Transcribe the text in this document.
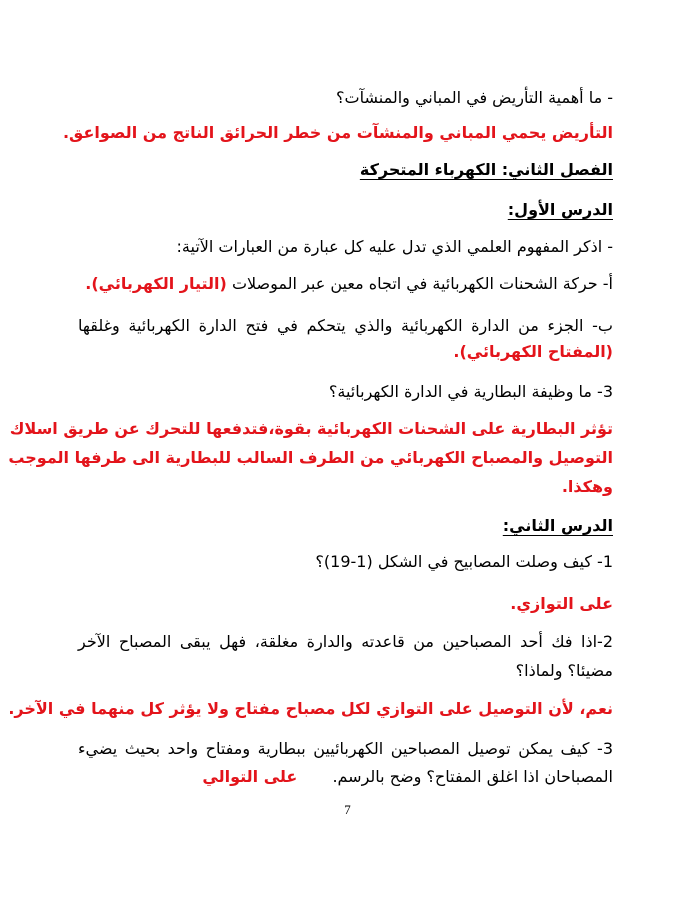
- ما أهمية التأريض في المباني والمنشآت؟
التأريض يحمي المباني والمنشآت من خطر الحرائق الناتج من الصواعق.
الفصل الثاني: الكهرباء المتحركة
الدرس الأول:
- اذكر المفهوم العلمي الذي تدل عليه كل عبارة من العبارات الآتية:
أ- حركة الشحنات الكهربائية في اتجاه معين عبر الموصلات (التيار الكهربائي).
ب- الجزء من الدارة الكهربائية والذي يتحكم في فتح الدارة الكهربائية وغلقها
(المفتاح الكهربائي).
3- ما وظيفة البطارية في الدارة الكهربائية؟
تؤثر البطارية على الشحنات الكهربائية بقوة،فتدفعها للتحرك عن طريق اسلاك
التوصيل والمصباح الكهربائي من الطرف السالب للبطارية الى طرفها الموجب
وهكذا.
الدرس الثاني:
1- كيف وصلت المصابيح في الشكل (1-19)؟
على التوازي.
2-اذا فك أحد المصباحين من قاعدته والدارة مغلقة، فهل يبقى المصباح الآخر
مضيئا؟ ولماذا؟
نعم، لأن التوصيل على التوازي لكل مصباح مفتاح ولا يؤثر كل منهما في الآخر.
3- كيف يمكن توصيل المصباحين الكهربائيين ببطارية ومفتاح واحد بحيث يضيء
المصباحان اذا اغلق المفتاح؟ وضح بالرسم. على التوالي
7
